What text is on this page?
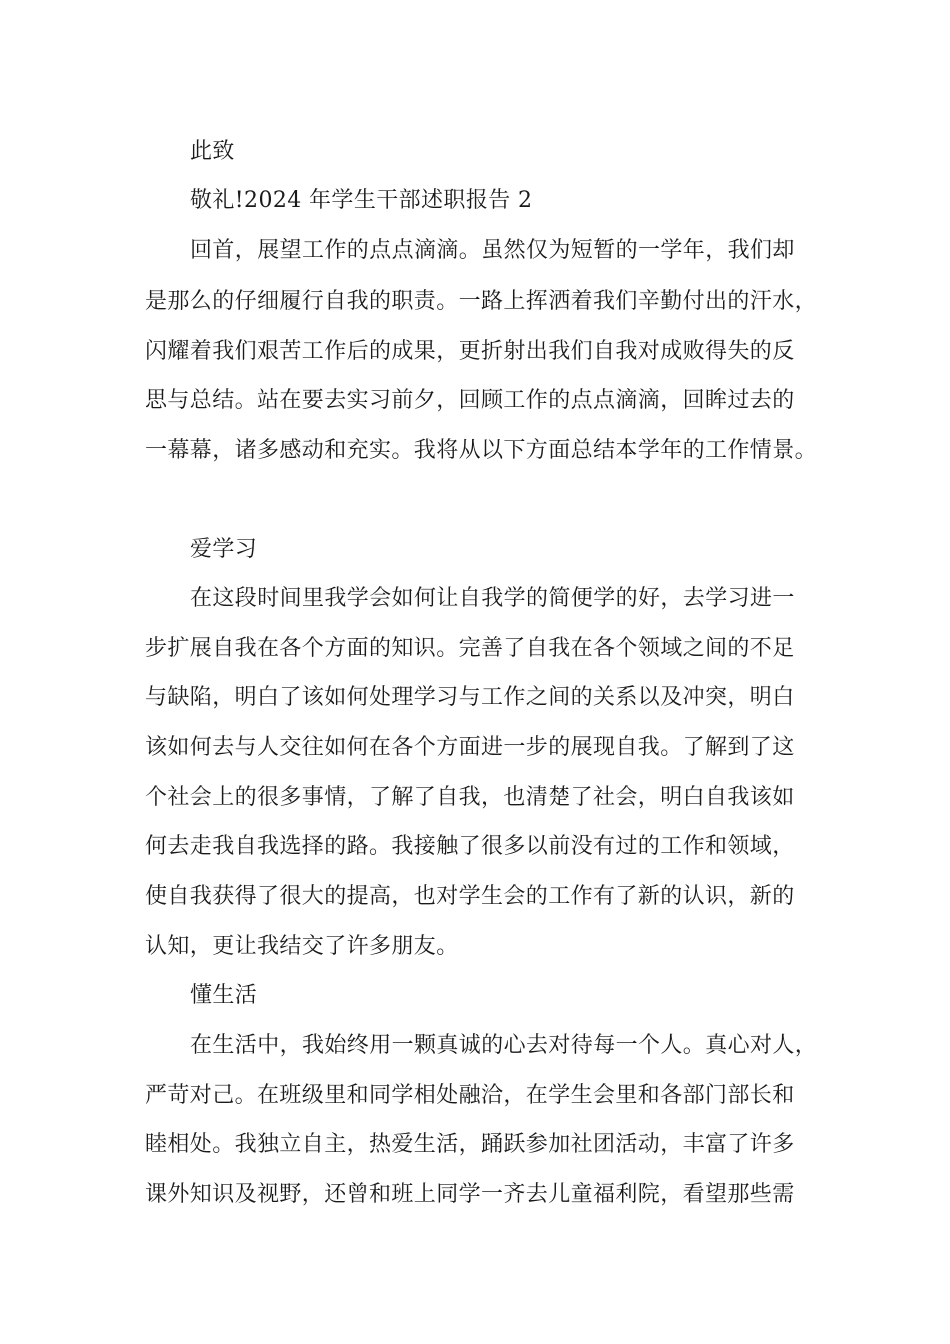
此致
敬礼!2024 年学生干部述职报告 2
回首，展望工作的点点滴滴。虽然仅为短暂的一学年，我们却
是那么的仔细履行自我的职责。一路上挥洒着我们辛勤付出的汗水，
闪耀着我们艰苦工作后的成果，更折射出我们自我对成败得失的反
思与总结。站在要去实习前夕，回顾工作的点点滴滴，回眸过去的
一幕幕，诸多感动和充实。我将从以下方面总结本学年的工作情景。
爱学习
在这段时间里我学会如何让自我学的简便学的好，去学习进一
步扩展自我在各个方面的知识。完善了自我在各个领域之间的不足
与缺陷，明白了该如何处理学习与工作之间的关系以及冲突，明白
该如何去与人交往如何在各个方面进一步的展现自我。了解到了这
个社会上的很多事情，了解了自我，也清楚了社会，明白自我该如
何去走我自我选择的路。我接触了很多以前没有过的工作和领域，
使自我获得了很大的提高，也对学生会的工作有了新的认识，新的
认知，更让我结交了许多朋友。
懂生活
在生活中，我始终用一颗真诚的心去对待每一个人。真心对人，
严苛对己。在班级里和同学相处融洽，在学生会里和各部门部长和
睦相处。我独立自主，热爱生活，踊跃参加社团活动，丰富了许多
课外知识及视野，还曾和班上同学一齐去儿童福利院，看望那些需
